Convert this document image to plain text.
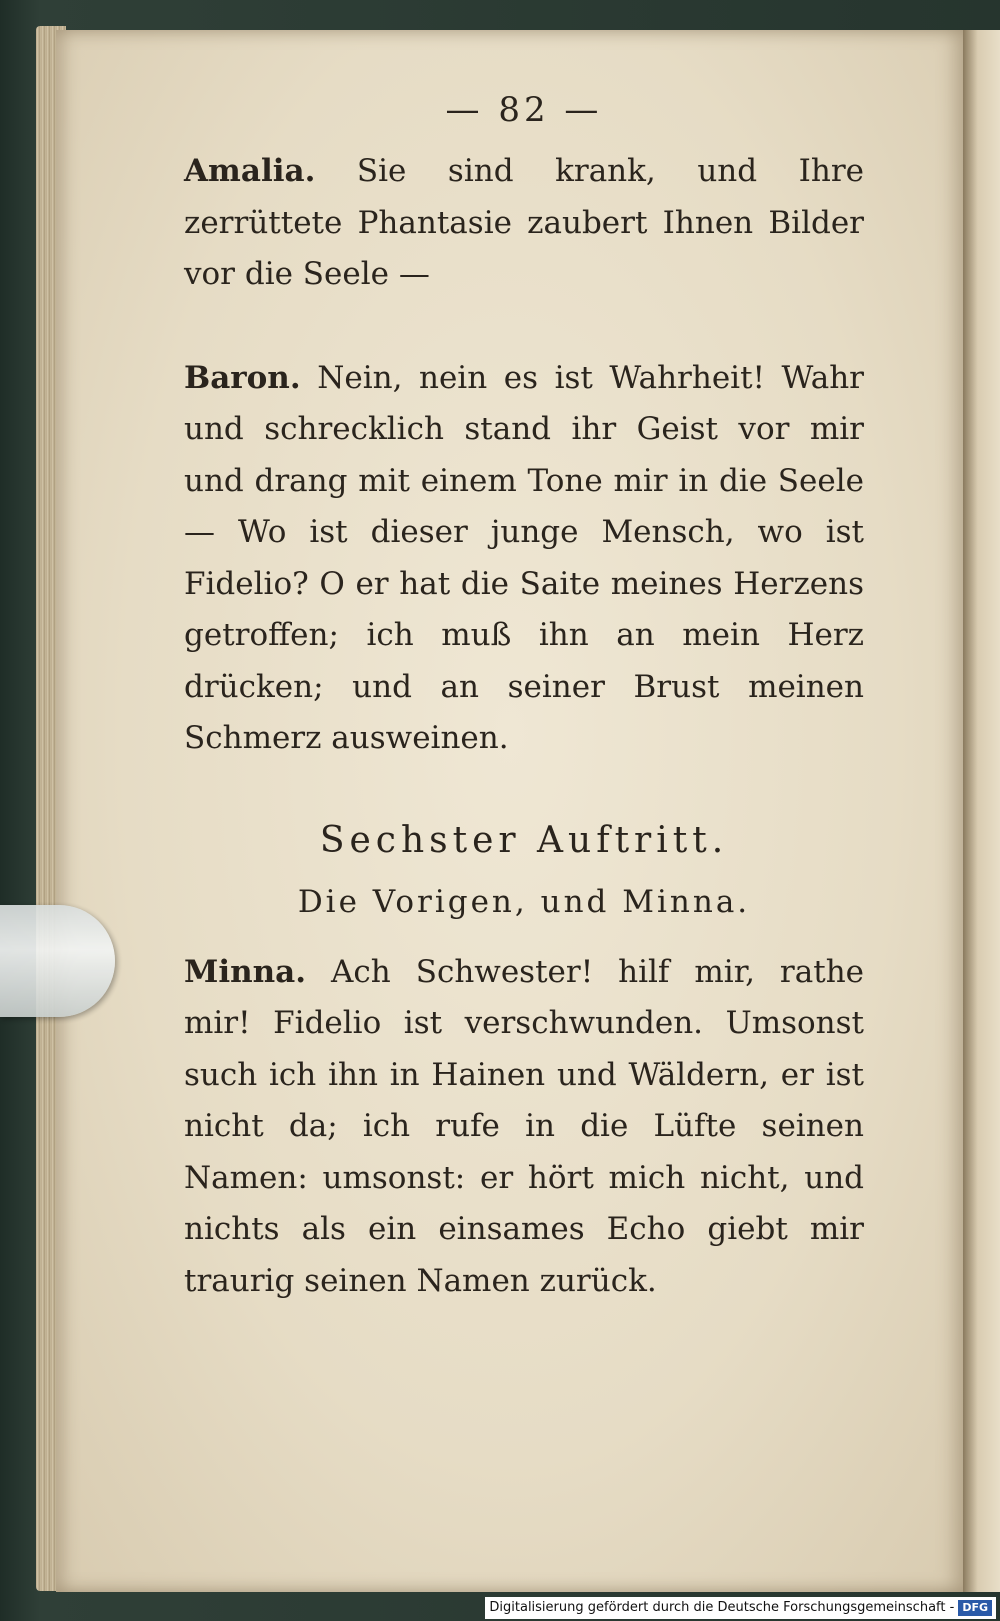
— 82 —

Amalia. Sie sind krank, und Ihre zerrüttete Phantasie zaubert Ihnen Bilder vor die Seele —

Baron. Nein, nein es ist Wahrheit! Wahr und schrecklich stand ihr Geist vor mir und drang mit einem Tone mir in die Seele — Wo ist dieser junge Mensch, wo ist Fidelio? O er hat die Saite meines Herzens getroffen; ich muß ihn an mein Herz drücken; und an seiner Brust meinen Schmerz ausweinen.

Sechster Auftritt.

Die Vorigen, und Minna.

Minna. Ach Schwester! hilf mir, rathe mir! Fidelio ist verschwunden. Umsonst such ich ihn in Hainen und Wäldern, er ist nicht da; ich rufe in die Lüfte seinen Namen: umsonst: er hört mich nicht, und nichts als ein einsames Echo giebt mir traurig seinen Namen zurück.

Digitalisierung gefördert durch die Deutsche Forschungsgemeinschaft - DFG
